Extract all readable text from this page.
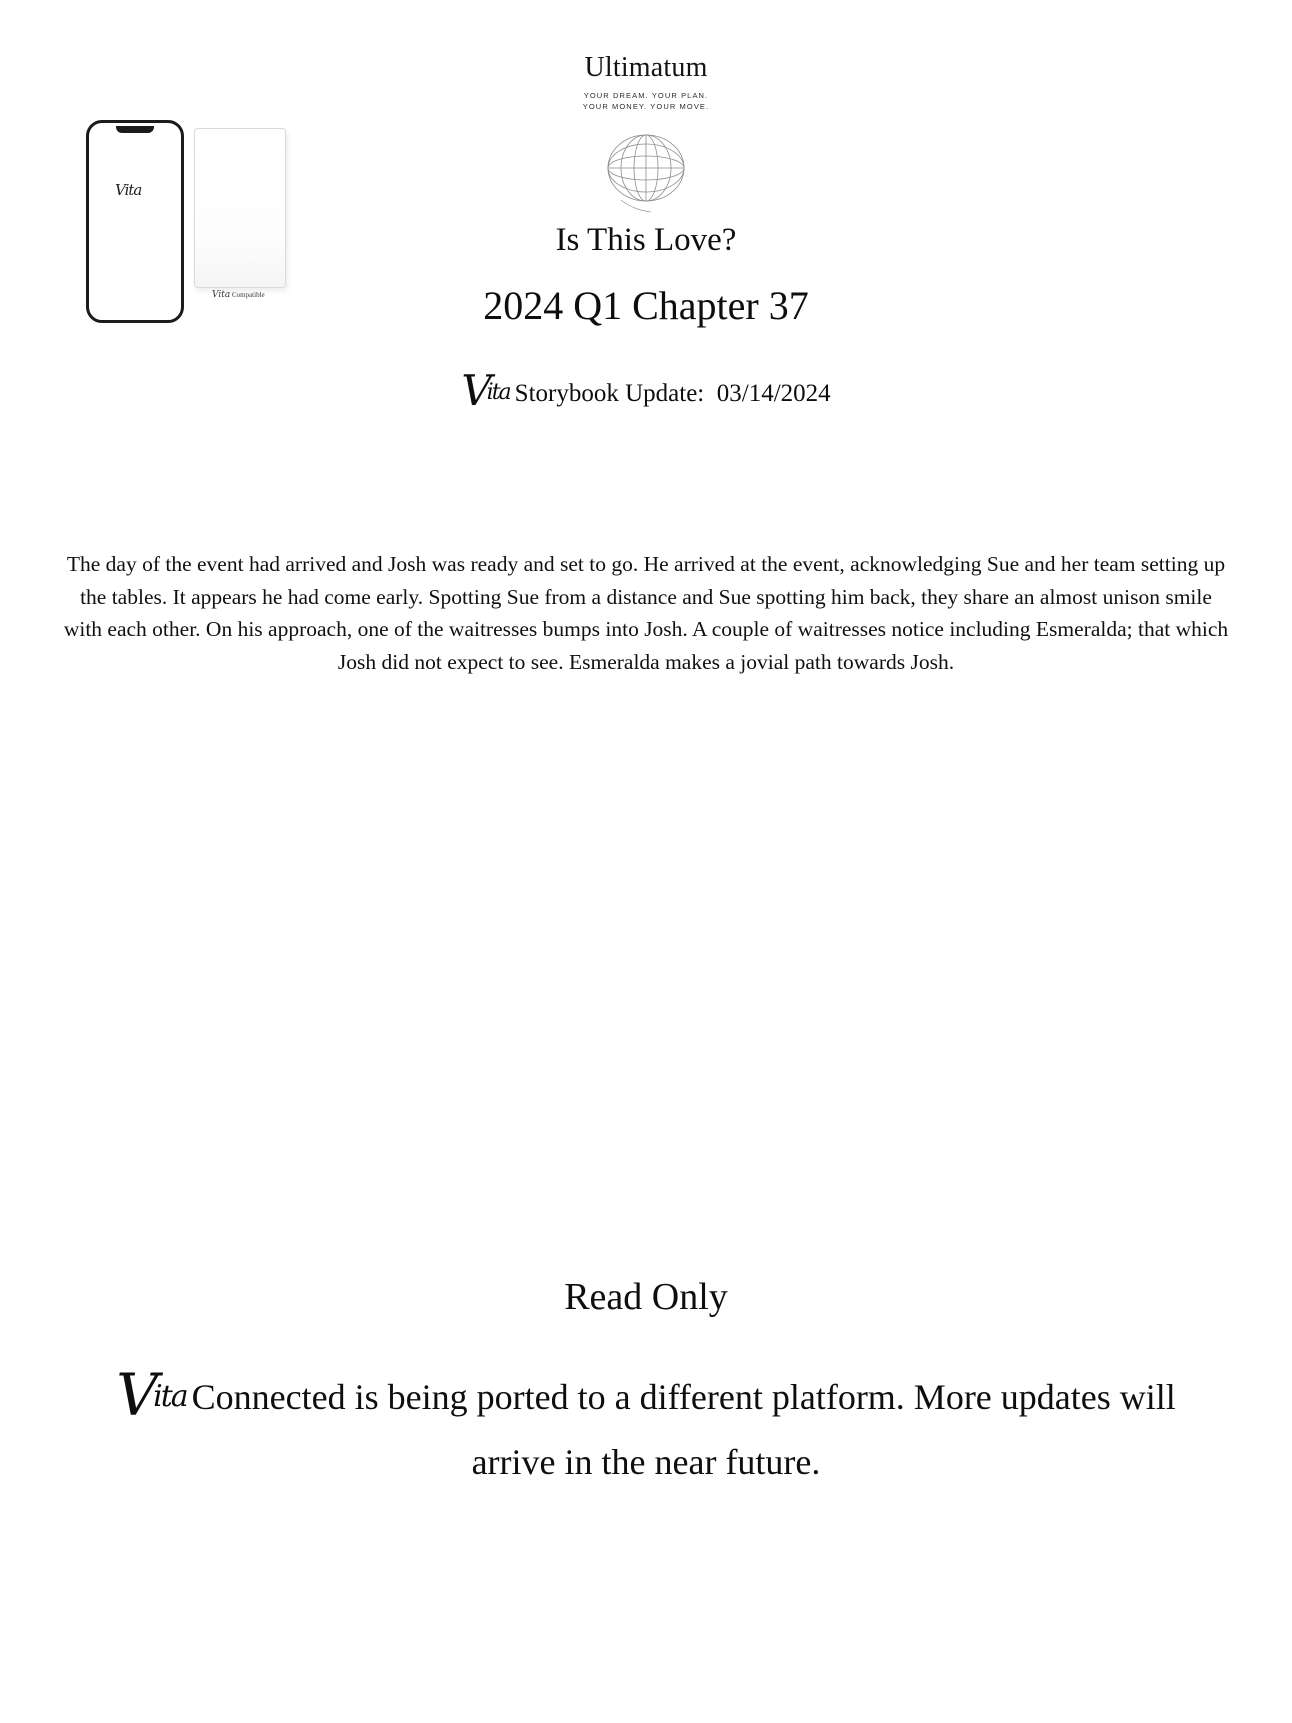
Vita Compatible
Vita
Ultimatum
YOUR DREAM. YOUR PLAN.
YOUR MONEY. YOUR MOVE.
Is This Love?
2024 Q1 Chapter 37
Vita Storybook Update: 03/14/2024
The day of the event had arrived and Josh was ready and set to go. He arrived at the event, acknowledging Sue and her team setting up the tables. It appears he had come early. Spotting Sue from a distance and Sue spotting him back, they share an almost unison smile with each other. On his approach, one of the waitresses bumps into Josh. A couple of waitresses notice including Esmeralda; that which Josh did not expect to see. Esmeralda makes a jovial path towards Josh.
Read Only
Vita Connected is being ported to a different platform. More updates will arrive in the near future.
